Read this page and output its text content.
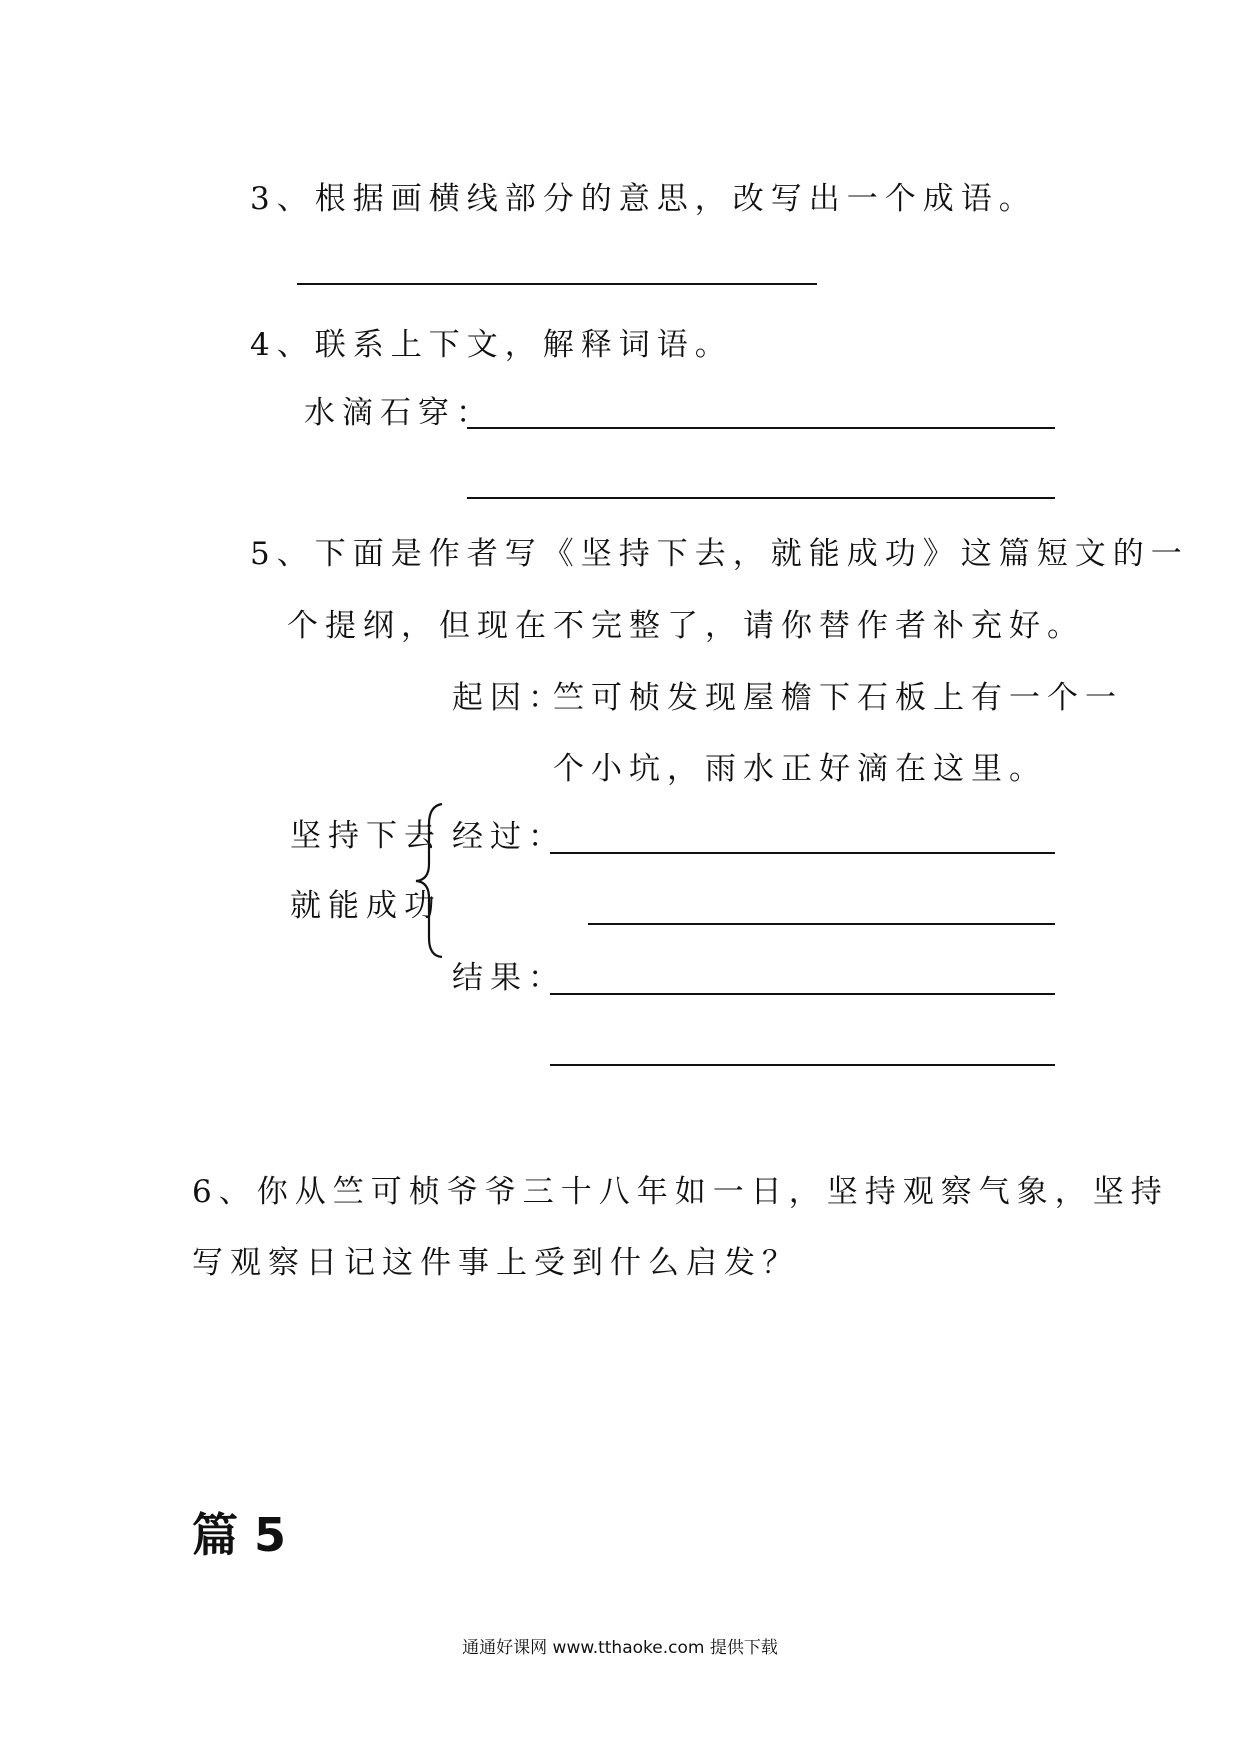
3、根据画横线部分的意思，改写出一个成语。
4、联系上下文，解释词语。
水滴石穿：
5、下面是作者写《坚持下去，就能成功》这篇短文的一
个提纲，但现在不完整了，请你替作者补充好。
起因：
竺可桢发现屋檐下石板上有一个一
个小坑，雨水正好滴在这里。
坚持下去
就能成功
经过：
结果：
6、你从竺可桢爷爷三十八年如一日，坚持观察气象，坚持
写观察日记这件事上受到什么启发？
篇 5
通通好课网 www.tthaoke.com 提供下载
